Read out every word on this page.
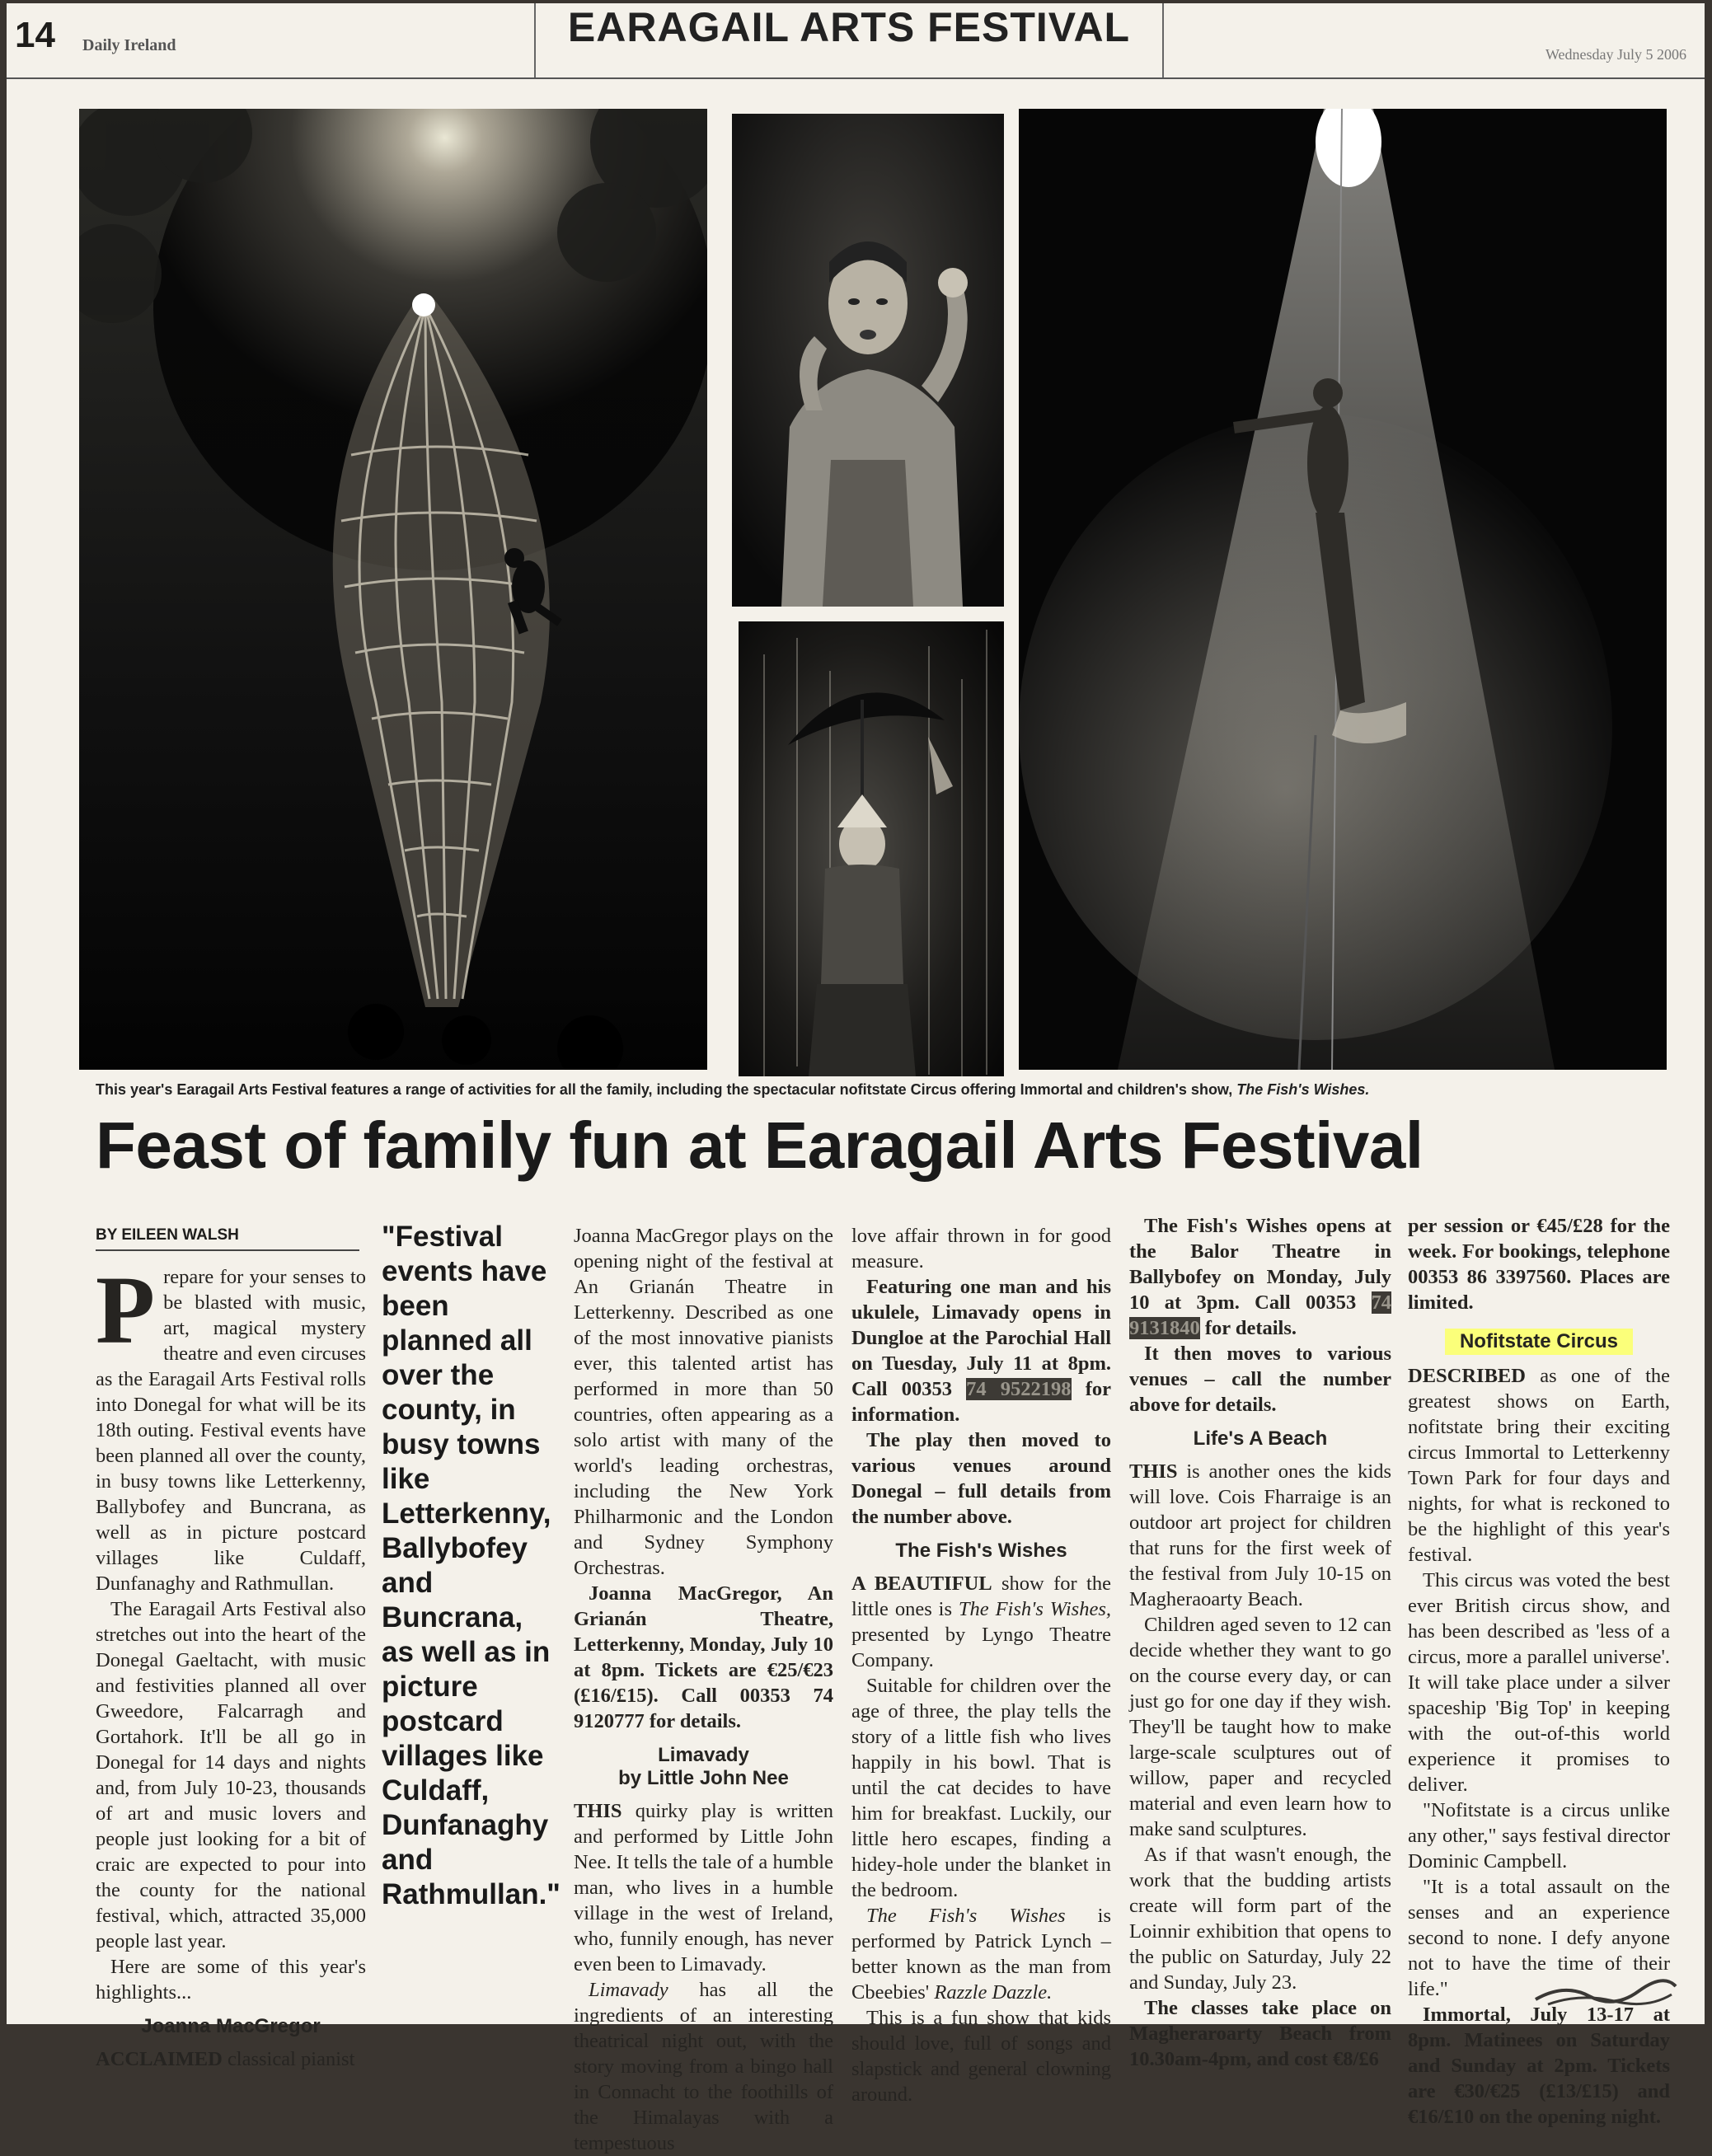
14 Daily Ireland	EARAGAIL ARTS FESTIVAL
Wednesday July 5 2006
This year's Earagail Arts Festival features a range of activities for all the family, including the spectacular nofitstate Circus offering Immortal and children's show, The Fish's Wishes.
Feast of family fun at Earagail Arts Festival

BY EILEEN WALSH

Prepare for your senses to be blasted with music, art, magical mystery theatre and even circuses as the Earagail Arts Festival rolls into Donegal for what will be its 18th outing. Festival events have been planned all over the county, in busy towns like Letterkenny, Ballybofey and Buncrana, as well as in picture postcard villages like Culdaff, Dunfanaghy and Rathmullan.

The Earagail Arts Festival also stretches out into the heart of the Donegal Gaeltacht, with music and festivities planned all over Gweedore, Falcarragh and Gortahork. It'll be all go in Donegal for 14 days and nights and, from July 10-23, thousands of art and music lovers and people just looking for a bit of craic are expected to pour into the county for the national festival, which, attracted 35,000 people last year.

Here are some of this year's highlights...

Joanna MacGregor

ACCLAIMED classical pianist

"Festival events have been planned all over the county, in busy towns like Letterkenny, Ballybofey and Buncrana, as well as in picture postcard villages like Culdaff, Dunfanaghy and Rathmullan."

Joanna MacGregor plays on the opening night of the festival at An Grianán Theatre in Letterkenny. Described as one of the most innovative pianists ever, this talented artist has performed in more than 50 countries, often appearing as a solo artist with many of the world's leading orchestras, including the New York Philharmonic and the London and Sydney Symphony Orchestras.

Joanna MacGregor, An Grianán Theatre, Letterkenny, Monday, July 10 at 8pm. Tickets are €25/€23 (£16/£15). Call 00353 74 9120777 for details.

Limavady
by Little John Nee

THIS quirky play is written and performed by Little John Nee. It tells the tale of a humble man, who lives in a humble village in the west of Ireland, who, funnily enough, has never even been to Limavady.

Limavady has all the ingredients of an interesting theatrical night out, with the story moving from a bingo hall in Connacht to the foothills of the Himalayas with a tempestuous

love affair thrown in for good measure.

Featuring one man and his ukulele, Limavady opens in Dungloe at the Parochial Hall on Tuesday, July 11 at 8pm. Call 00353 74 9522198 for information.

The play then moved to various venues around Donegal – full details from the number above.

The Fish's Wishes

A BEAUTIFUL show for the little ones is The Fish's Wishes, presented by Lyngo Theatre Company.

Suitable for children over the age of three, the play tells the story of a little fish who lives happily in his bowl. That is until the cat decides to have him for breakfast. Luckily, our little hero escapes, finding a hidey-hole under the blanket in the bedroom.

The Fish's Wishes is performed by Patrick Lynch – better known as the man from Cbeebies' Razzle Dazzle.

This is a fun show that kids should love, full of songs and slapstick and general clowning around.

The Fish's Wishes opens at the Balor Theatre in Ballybofey on Monday, July 10 at 3pm. Call 00353 74 9131840 for details.

It then moves to various venues – call the number above for details.

Life's A Beach

THIS is another ones the kids will love. Cois Fharraige is an outdoor art project for children that runs for the first week of the festival from July 10-15 on Magheraoarty Beach.

Children aged seven to 12 can decide whether they want to go on the course every day, or can just go for one day if they wish. They'll be taught how to make large-scale sculptures out of willow, paper and recycled material and even learn how to make sand sculptures.

As if that wasn't enough, the work that the budding artists create will form part of the Loinnir exhibition that opens to the public on Saturday, July 22 and Sunday, July 23.

The classes take place on Magheraroarty Beach from 10.30am-4pm, and cost €8/£6

per session or €45/£28 for the week. For bookings, telephone 00353 86 3397560. Places are limited.

Nofitstate Circus

DESCRIBED as one of the greatest shows on Earth, nofitstate bring their exciting circus Immortal to Letterkenny Town Park for four days and nights, for what is reckoned to be the highlight of this year's festival.

This circus was voted the best ever British circus show, and has been described as 'less of a circus, more a parallel universe'. It will take place under a silver spaceship 'Big Top' in keeping with the out-of-this world experience it promises to deliver.

"Nofitstate is a circus unlike any other," says festival director Dominic Campbell.

"It is a total assault on the senses and an experience second to none. I defy anyone not to have the time of their life."

Immortal, July 13-17 at 8pm. Matinees on Saturday and Sunday at 2pm. Tickets are €30/€25 (£13/£15) and €16/£10 on the opening night.
